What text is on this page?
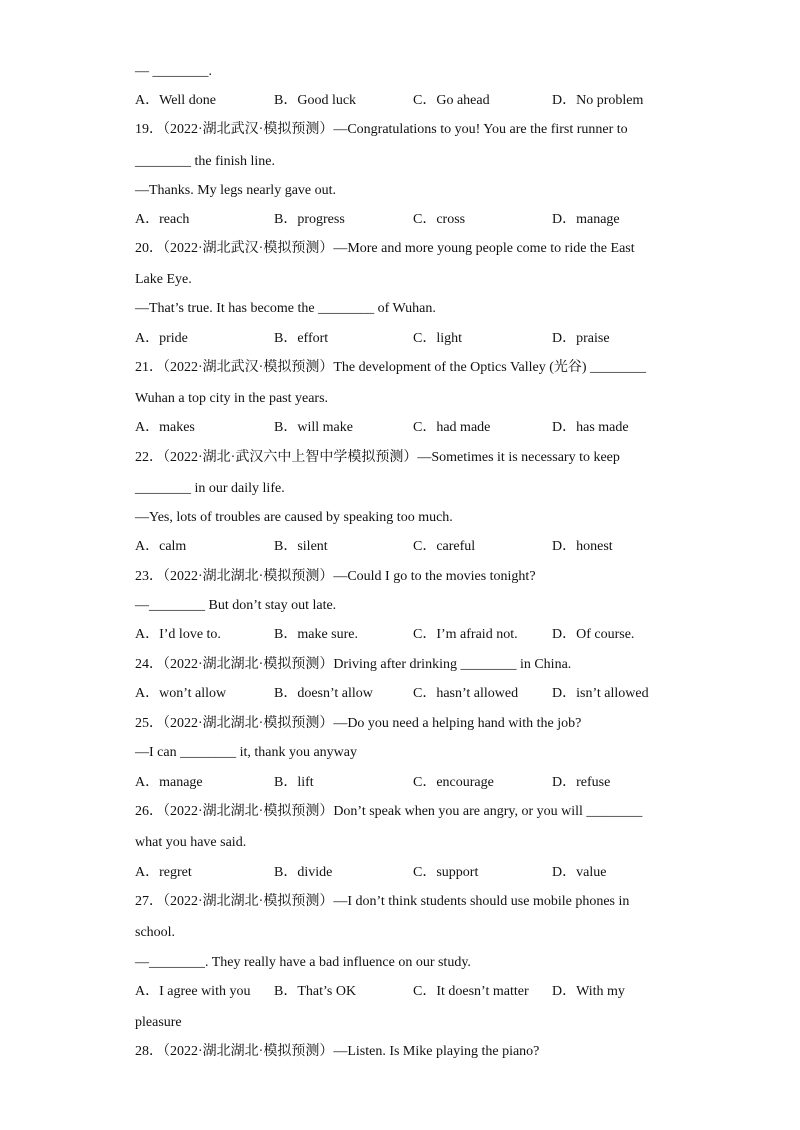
— ________.
A．Well done	B．Good luck	C．Go ahead	D．No problem
19．（2022·湖北武汉·模拟预测）—Congratulations to you! You are the first runner to
________ the finish line.
—Thanks. My legs nearly gave out.
A．reach	B．progress	C．cross	D．manage
20．（2022·湖北武汉·模拟预测）—More and more young people come to ride the East
Lake Eye.
—That’s true. It has become the ________ of Wuhan.
A．pride	B．effort	C．light	D．praise
21．（2022·湖北武汉·模拟预测）The development of the Optics Valley (光谷) ________
Wuhan a top city in the past years.
A．makes	B．will make	C．had made	D．has made
22．（2022·湖北·武汉六中上智中学模拟预测）—Sometimes it is necessary to keep
________ in our daily life.
—Yes, lots of troubles are caused by speaking too much.
A．calm	B．silent	C．careful	D．honest
23．（2022·湖北湖北·模拟预测）—Could I go to the movies tonight?
—________ But don’t stay out late.
A．I’d love to.	B．make sure.	C．I’m afraid not. D．Of course.
24．（2022·湖北湖北·模拟预测）Driving after drinking ________ in China.
A．won’t allow	B．doesn’t allow	C．hasn’t allowed D．isn’t allowed
25．（2022·湖北湖北·模拟预测）—Do you need a helping hand with the job?
—I can ________ it, thank you anyway
A．manage	B．lift	C．encourage	D．refuse
26．（2022·湖北湖北·模拟预测）Don’t speak when you are angry, or you will ________
what you have said.
A．regret	B．divide	C．support	D．value
27．（2022·湖北湖北·模拟预测）—I don’t think students should use mobile phones in
school.
—________. They really have a bad influence on our study.
A．I agree with you B．That’s OK	C．It doesn’t matter D．With my
pleasure
28．（2022·湖北湖北·模拟预测）—Listen. Is Mike playing the piano?
